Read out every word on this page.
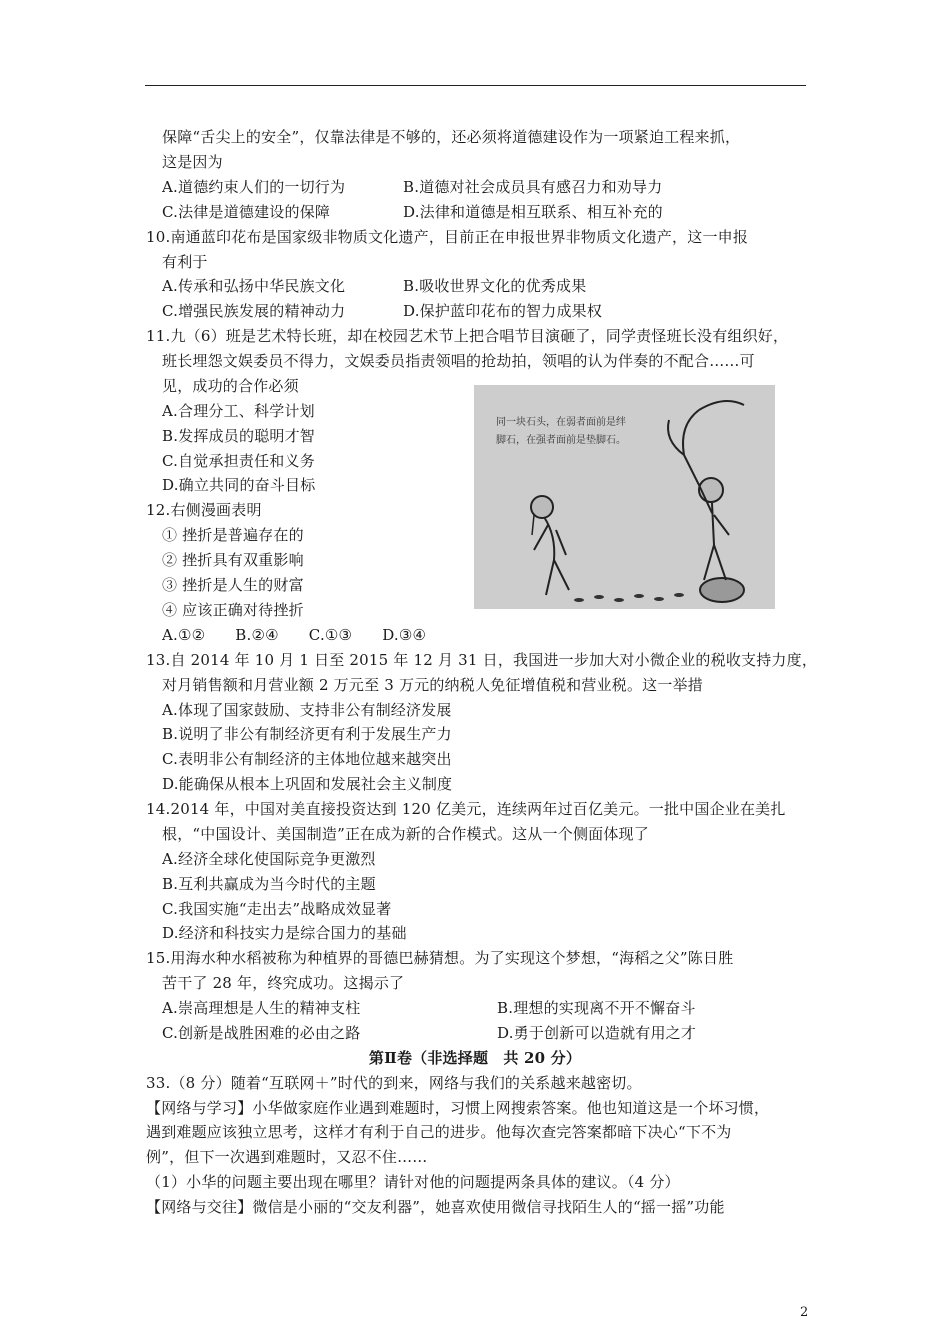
保障“舌尖上的安全”，仅靠法律是不够的，还必须将道德建设作为一项紧迫工程来抓，
这是因为
A.道德约束人们的一切行为	B.道德对社会成员具有感召力和劝导力
C.法律是道德建设的保障	D.法律和道德是相互联系、相互补充的
10.南通蓝印花布是国家级非物质文化遗产，目前正在申报世界非物质文化遗产，这一申报
有利于
A.传承和弘扬中华民族文化	B.吸收世界文化的优秀成果
C.增强民族发展的精神动力	D.保护蓝印花布的智力成果权
11.九（6）班是艺术特长班，却在校园艺术节上把合唱节目演砸了，同学责怪班长没有组织好，
班长埋怨文娱委员不得力，文娱委员指责领唱的抢劫拍，领唱的认为伴奏的不配合……可
见，成功的合作必须
A.合理分工、科学计划
B.发挥成员的聪明才智
C.自觉承担责任和义务
D.确立共同的奋斗目标
同一块石头，在弱者面前是绊
脚石，在强者面前是垫脚石。
12.右侧漫画表明
① 挫折是普遍存在的
② 挫折具有双重影响
③ 挫折是人生的财富
④ 应该正确对待挫折
A.①② B.②④ C.①③ D.③④
13.自 2014 年 10 月 1 日至 2015 年 12 月 31 日，我国进一步加大对小微企业的税收支持力度，
对月销售额和月营业额 2 万元至 3 万元的纳税人免征增值税和营业税。这一举措
A.体现了国家鼓励、支持非公有制经济发展
B.说明了非公有制经济更有利于发展生产力
C.表明非公有制经济的主体地位越来越突出
D.能确保从根本上巩固和发展社会主义制度
14.2014 年，中国对美直接投资达到 120 亿美元，连续两年过百亿美元。一批中国企业在美扎
根，“中国设计、美国制造”正在成为新的合作模式。这从一个侧面体现了
A.经济全球化使国际竞争更激烈
B.互利共赢成为当今时代的主题
C.我国实施“走出去”战略成效显著
D.经济和科技实力是综合国力的基础
15.用海水种水稻被称为种植界的哥德巴赫猜想。为了实现这个梦想，“海稻之父”陈日胜
苦干了 28 年，终究成功。这揭示了
A.崇高理想是人生的精神支柱	B.理想的实现离不开不懈奋斗
C.创新是战胜困难的必由之路	D.勇于创新可以造就有用之才
第Ⅱ卷（非选择题　共 20 分）
33.（8 分）随着“互联网＋”时代的到来，网络与我们的关系越来越密切。
【网络与学习】小华做家庭作业遇到难题时，习惯上网搜索答案。他也知道这是一个坏习惯，
遇到难题应该独立思考，这样才有利于自己的进步。他每次查完答案都暗下决心“下不为
例”，但下一次遇到难题时，又忍不住……
（1）小华的问题主要出现在哪里？请针对他的问题提两条具体的建议。（4 分）
【网络与交往】微信是小丽的“交友利器”，她喜欢使用微信寻找陌生人的“摇一摇”功能
2
